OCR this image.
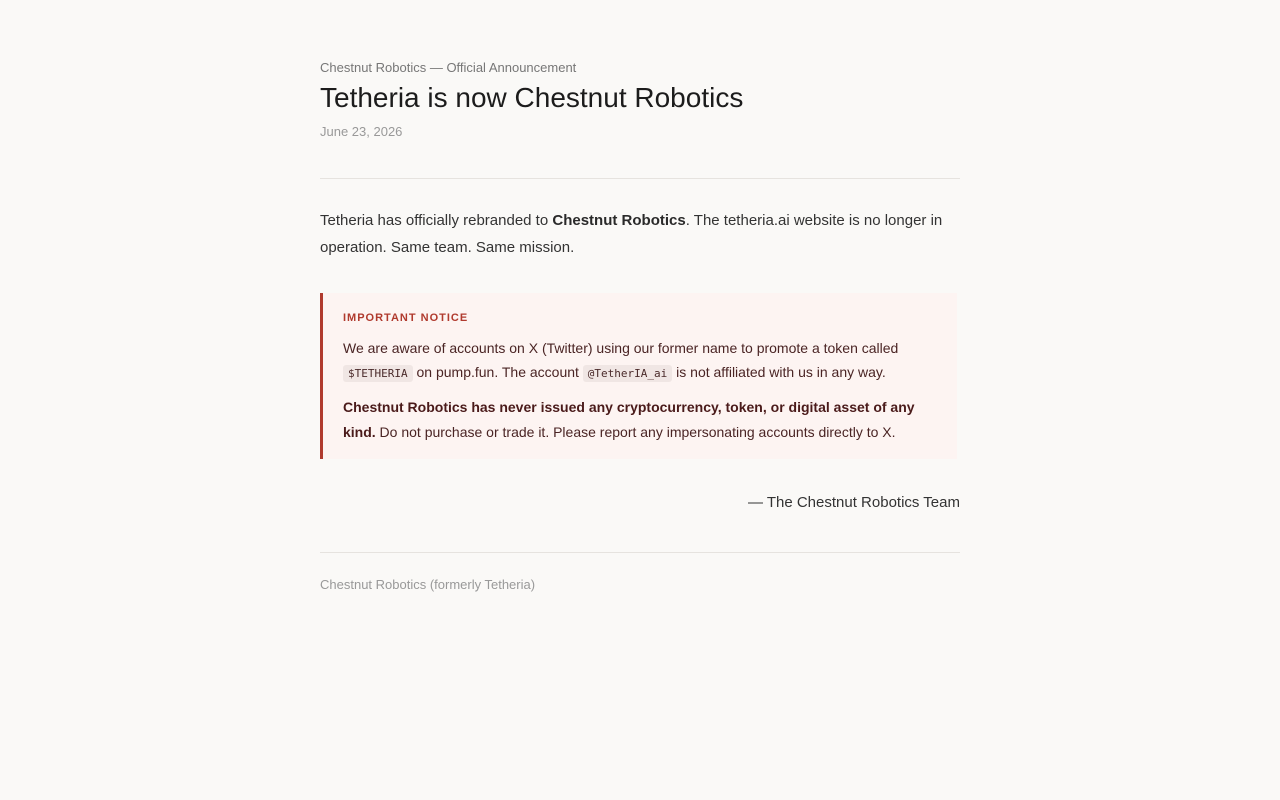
Chestnut Robotics — Official Announcement
Tetheria is now Chestnut Robotics
June 23, 2026

Tetheria has officially rebranded to Chestnut Robotics. The tetheria.ai website is no longer in operation. Same team. Same mission.

IMPORTANT NOTICE

We are aware of accounts on X (Twitter) using our former name to promote a token called $TETHERIA on pump.fun. The account @TetherIA_ai is not affiliated with us in any way.

Chestnut Robotics has never issued any cryptocurrency, token, or digital asset of any kind. Do not purchase or trade it. Please report any impersonating accounts directly to X.

— The Chestnut Robotics Team
Chestnut Robotics (formerly Tetheria)
